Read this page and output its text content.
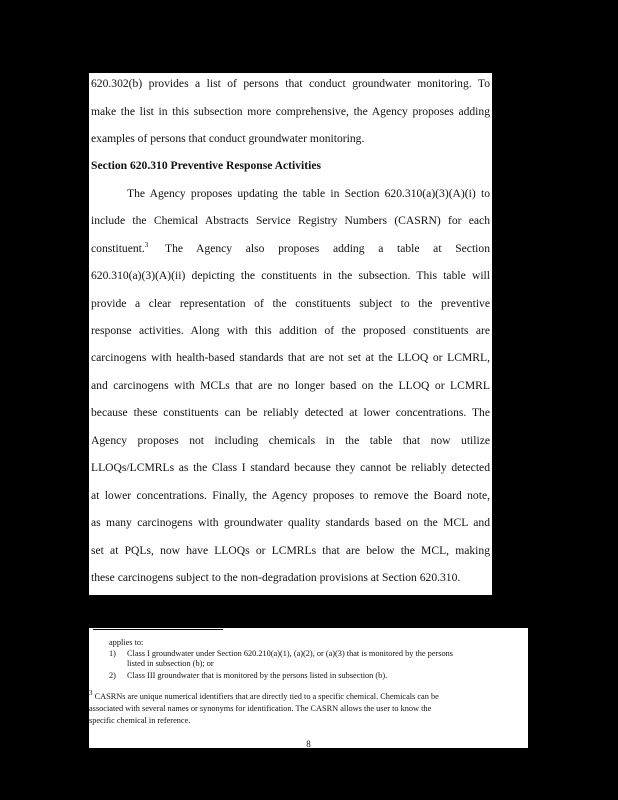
620.302(b) provides a list of persons that conduct groundwater monitoring. To

make the list in this subsection more comprehensive, the Agency proposes adding

examples of persons that conduct groundwater monitoring.

Section 620.310 Preventive Response Activities

The Agency proposes updating the table in Section 620.310(a)(3)(A)(i) to

include the Chemical Abstracts Service Registry Numbers (CASRN) for each

constituent.$^3$	The Agency also proposes adding a table at Section

620.310(a)(3)(A)(ii) depicting the constituents in the subsection. This table will

provide a clear representation of the constituents subject to the preventive

response activities. Along with this addition of the proposed constituents are

carcinogens with health-based standards that are not set at the LLOQ or LCMRL,

and carcinogens with MCLs that are no longer based on the LLOQ or LCMRL

because these constituents can be reliably detected at lower concentrations. The

Agency proposes not including chemicals in the table that now utilize

LLOQs/LCMRLs as the Class I standard because they cannot be reliably detected

at lower concentrations. Finally, the Agency proposes to remove the Board note,

as many carcinogens with groundwater quality standards based on the MCL and

set at PQLs, now have LLOQs or LCMRLs that are below the MCL, making

these carcinogens subject to the non-degradation provisions at Section 620.310.

applies to:

1) Class I groundwater under Section 620.210(a)(1), (a)(2), or (a)(3) that is monitored by the persons

listed in subsection (b); or

2) Class III groundwater that is monitored by the persons listed in subsection (b).

$^3$ CASRNs are unique numerical identifiers that are directly tied to a specific chemical. Chemicals can be

associated with several names or synonyms for identification. The CASRN allows the user to know the

specific chemical in reference.

8
